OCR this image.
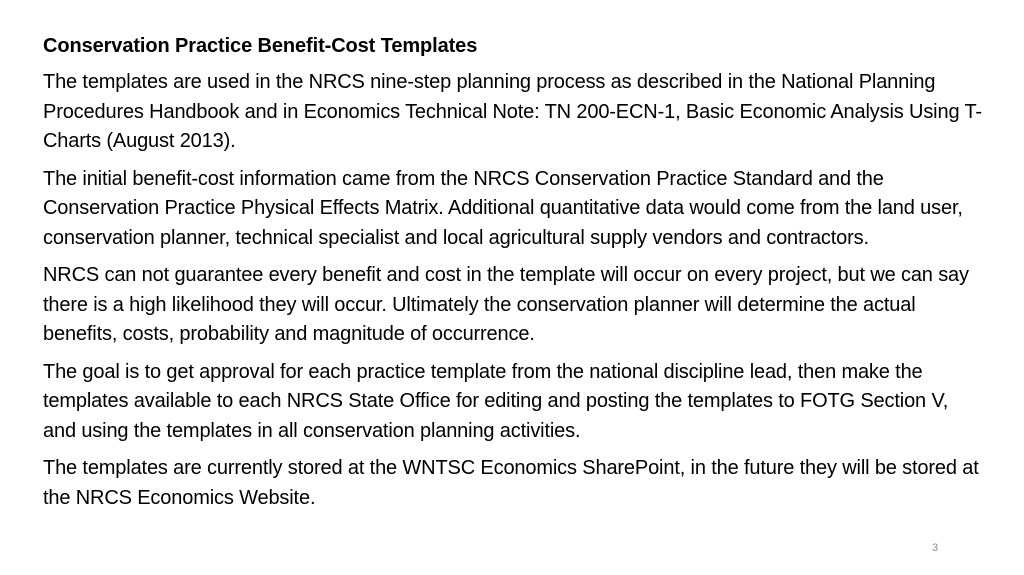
Conservation Practice Benefit-Cost Templates

The templates are used in the NRCS nine-step planning process as described in the National Planning Procedures Handbook and in Economics Technical Note: TN 200-ECN-1, Basic Economic Analysis Using T-Charts (August 2013).

The initial benefit-cost information came from the NRCS Conservation Practice Standard and the Conservation Practice Physical Effects Matrix. Additional quantitative data would come from the land user, conservation planner, technical specialist and local agricultural supply vendors and contractors.

NRCS can not guarantee every benefit and cost in the template will occur on every project, but we can say there is a high likelihood they will occur. Ultimately the conservation planner will determine the actual benefits, costs, probability and magnitude of occurrence.

The goal is to get approval for each practice template from the national discipline lead, then make the templates available to each NRCS State Office for editing and posting the templates to FOTG Section V, and using the templates in all conservation planning activities.

The templates are currently stored at the WNTSC Economics SharePoint, in the future they will be stored at the NRCS Economics Website.

3
